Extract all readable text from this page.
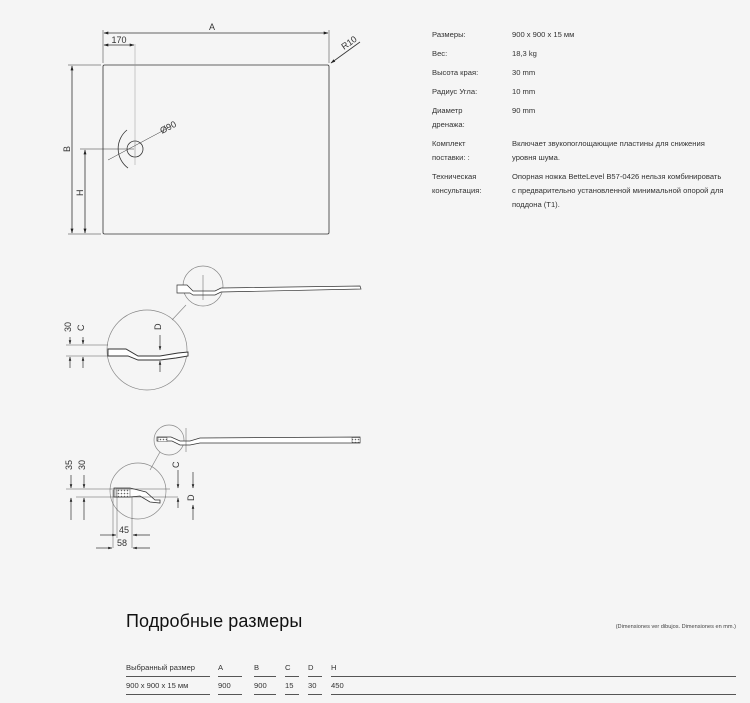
A
170	R10
Ø90
B
H
30 C	D
35 30	C
D
45
58
Размеры:	900 x 900 x 15 мм
Вес:	18,3 kg
Высота края:	30 mm
Радиус Угла:	10 mm
Диаметр дренажа:
90 mm
Комплект поставки: :
Включает звукопоглощающие пластины для снижения уровня шума.
Техническая консультация:
Опорная ножка BetteLevel B57-0426 нельзя комбинировать с предварительно установленной минимальной опорой для поддона (T1).
Подробные размеры	(Dimensiones ver dibujos. Dimensiones en mm.)
Выбранный размер	A	B	C	D	H
900 x 900 x 15 мм	900	900	15	30	450
